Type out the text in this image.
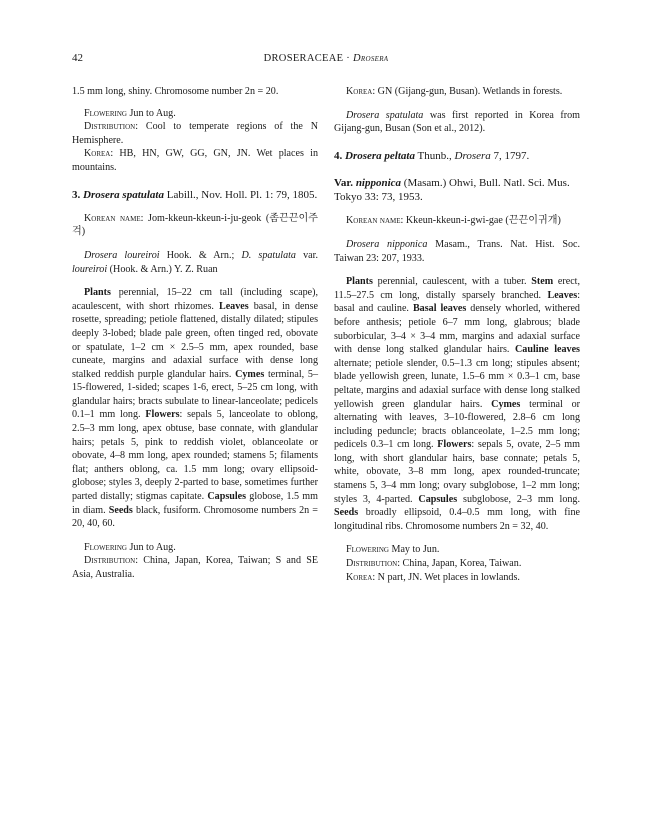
42	DROSERACEAE · Drosera

1.5 mm long, shiny. Chromosome number 2n = 20.

Flowering Jun to Aug.

Distribution: Cool to temperate regions of the N Hemisphere.

Korea: HB, HN, GW, GG, GN, JN. Wet places in mountains.

3. Drosera spatulata Labill., Nov. Holl. Pl. 1: 79, 1805.

Korean name: Jom-kkeun-kkeun-i-ju-geok (좀끈끈이주걱)

Drosera loureiroi Hook. & Arn.; D. spatulata var. loureiroi (Hook. & Arn.) Y. Z. Ruan

Plants perennial, 15–22 cm tall (including scape), acaulescent, with short rhizomes. Leaves basal, in dense rosette, spreading; petiole flattened, distally dilated; stipules deeply 3-lobed; blade pale green, often tinged red, obovate or spatulate, 1–2 cm × 2.5–5 mm, apex rounded, base cuneate, margins and adaxial surface with dense long stalked reddish purple glandular hairs. Cymes terminal, 5–15-flowered, 1-sided; scapes 1-6, erect, 5–25 cm long, with glandular hairs; bracts subulate to linear-lanceolate; pedicels 0.1–1 mm long. Flowers: sepals 5, lanceolate to oblong, 2.5–3 mm long, apex obtuse, base connate, with glandular hairs; petals 5, pink to reddish violet, oblanceolate or obovate, 4–8 mm long, apex rounded; stamens 5; filaments flat; anthers oblong, ca. 1.5 mm long; ovary ellipsoid-globose; styles 3, deeply 2-parted to base, sometimes further parted distally; stigmas capitate. Capsules globose, 1.5 mm in diam. Seeds black, fusiform. Chromosome numbers 2n = 20, 40, 60.

Flowering Jun to Aug.

Distribution: China, Japan, Korea, Taiwan; S and SE Asia, Australia.

Korea: GN (Gijang-gun, Busan). Wetlands in forests.

Drosera spatulata was first reported in Korea from Gijang-gun, Busan (Son et al., 2012).

4. Drosera peltata Thunb., Drosera 7, 1797.

Var. nipponica (Masam.) Ohwi, Bull. Natl. Sci. Mus. Tokyo 33: 73, 1953.

Korean name: Kkeun-kkeun-i-gwi-gae (끈끈이귀개)

Drosera nipponica Masam., Trans. Nat. Hist. Soc. Taiwan 23: 207, 1933.

Plants perennial, caulescent, with a tuber. Stem erect, 11.5–27.5 cm long, distally sparsely branched. Leaves: basal and cauline. Basal leaves densely whorled, withered before anthesis; petiole 6–7 mm long, glabrous; blade suborbicular, 3–4 × 3–4 mm, margins and adaxial surface with dense long stalked glandular hairs. Cauline leaves alternate; petiole slender, 0.5–1.3 cm long; stipules absent; blade yellowish green, lunate, 1.5–6 mm × 0.3–1 cm, base peltate, margins and adaxial surface with dense long stalked yellowish green glandular hairs. Cymes terminal or alternating with leaves, 3–10-flowered, 2.8–6 cm long including peduncle; bracts oblanceolate, 1–2.5 mm long; pedicels 0.3–1 cm long. Flowers: sepals 5, ovate, 2–5 mm long, with short glandular hairs, base connate; petals 5, white, obovate, 3–8 mm long, apex rounded-truncate; stamens 5, 3–4 mm long; ovary subglobose, 1–2 mm long; styles 3, 4-parted. Capsules subglobose, 2–3 mm long. Seeds broadly ellipsoid, 0.4–0.5 mm long, with fine longitudinal ribs. Chromosome numbers 2n = 32, 40.

Flowering May to Jun.

Distribution: China, Japan, Korea, Taiwan.

Korea: N part, JN. Wet places in lowlands.
